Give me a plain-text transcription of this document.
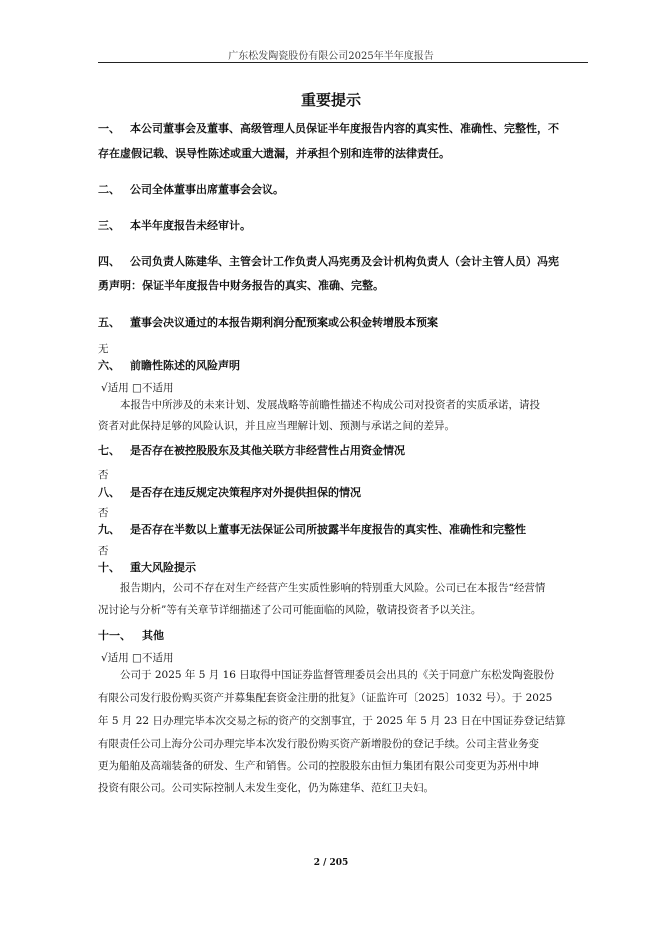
广东松发陶瓷股份有限公司2025年半年度报告
重要提示
一、 本公司董事会及董事、高级管理人员保证半年度报告内容的真实性、准确性、完整性，不
存在虚假记载、误导性陈述或重大遗漏，并承担个别和连带的法律责任。
二、 公司全体董事出席董事会会议。
三、 本半年度报告未经审计。
四、 公司负责人陈建华、主管会计工作负责人冯宪勇及会计机构负责人（会计主管人员）冯宪
勇声明：保证半年度报告中财务报告的真实、准确、完整。
五、 董事会决议通过的本报告期利润分配预案或公积金转增股本预案
无
六、 前瞻性陈述的风险声明
√适用 □不适用
本报告中所涉及的未来计划、发展战略等前瞻性描述不构成公司对投资者的实质承诺，请投
资者对此保持足够的风险认识，并且应当理解计划、预测与承诺之间的差异。
七、 是否存在被控股股东及其他关联方非经营性占用资金情况
否
八、 是否存在违反规定决策程序对外提供担保的情况
否
九、 是否存在半数以上董事无法保证公司所披露半年度报告的真实性、准确性和完整性
否
十、 重大风险提示
报告期内，公司不存在对生产经营产生实质性影响的特别重大风险。公司已在本报告“经营情
况讨论与分析”等有关章节详细描述了公司可能面临的风险，敬请投资者予以关注。
十一、 其他
√适用 □不适用
公司于 2025 年 5 月 16 日取得中国证券监督管理委员会出具的《关于同意广东松发陶瓷股份
有限公司发行股份购买资产并募集配套资金注册的批复》（证监许可〔2025〕1032 号）。于 2025
年 5 月 22 日办理完毕本次交易之标的资产的交割事宜，于 2025 年 5 月 23 日在中国证券登记结算
有限责任公司上海分公司办理完毕本次发行股份购买资产新增股份的登记手续。公司主营业务变
更为船舶及高端装备的研发、生产和销售。公司的控股股东由恒力集团有限公司变更为苏州中坤
投资有限公司。公司实际控制人未发生变化，仍为陈建华、范红卫夫妇。
2 / 205
